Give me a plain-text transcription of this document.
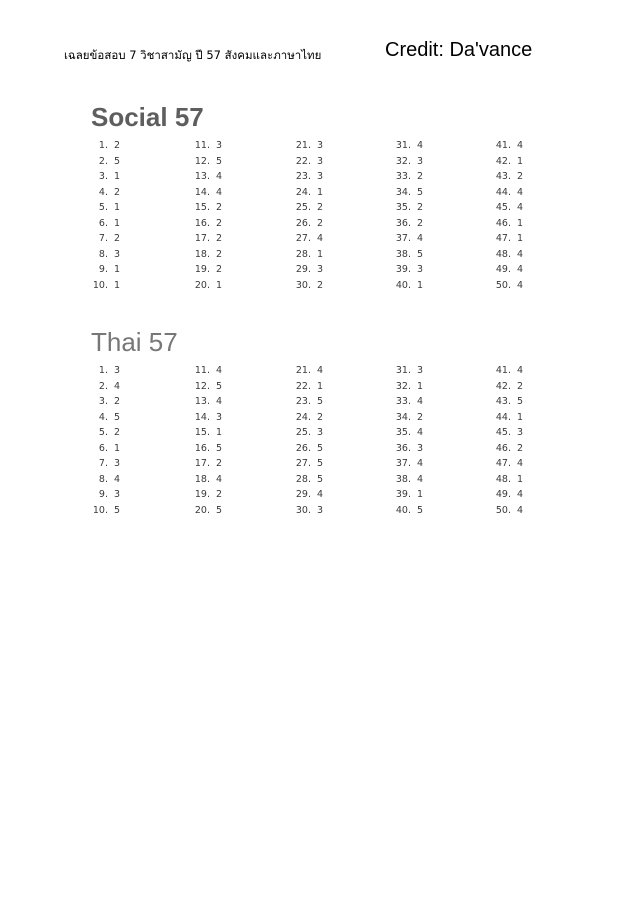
เฉลยข้อสอบ 7 วิชาสามัญ ปี 57 สังคมและภาษาไทย	Credit: Da'vance
Social 57
1. 2
2. 5
3. 1
4. 2
5. 1
6. 1
7. 2
8. 3
9. 1
10. 1
11. 3
12. 5
13. 4
14. 4
15. 2
16. 2
17. 2
18. 2
19. 2
20. 1
21. 3
22. 3
23. 3
24. 1
25. 2
26. 2
27. 4
28. 1
29. 3
30. 2
31. 4
32. 3
33. 2
34. 5
35. 2
36. 2
37. 4
38. 5
39. 3
40. 1
41. 4
42. 1
43. 2
44. 4
45. 4
46. 1
47. 1
48. 4
49. 4
50. 4
Thai 57
1. 3
2. 4
3. 2
4. 5
5. 2
6. 1
7. 3
8. 4
9. 3
10. 5
11. 4
12. 5
13. 4
14. 3
15. 1
16. 5
17. 2
18. 4
19. 2
20. 5
21. 4
22. 1
23. 5
24. 2
25. 3
26. 5
27. 5
28. 5
29. 4
30. 3
31. 3
32. 1
33. 4
34. 2
35. 4
36. 3
37. 4
38. 4
39. 1
40. 5
41. 4
42. 2
43. 5
44. 1
45. 3
46. 2
47. 4
48. 1
49. 4
50. 4
